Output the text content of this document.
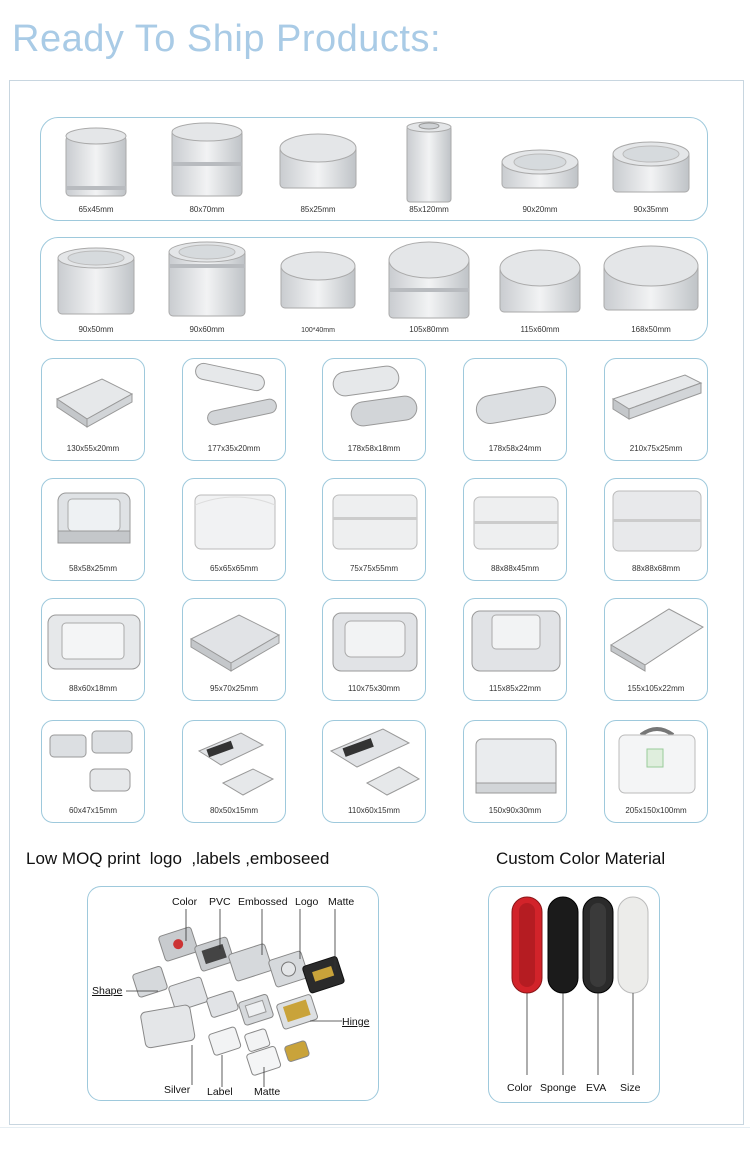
Ready To Ship Products:
65x45mm	80x70mm	85x25mm	85x120mm	90x20mm	90x35mm
90x50mm	90x60mm	100*40mm	105x80mm	115x60mm	168x50mm
130x55x20mm	177x35x20mm	178x58x18mm	178x58x24mm	210x75x25mm
58x58x25mm	65x65x65mm	75x75x55mm	88x88x45mm	88x88x68mm
88x60x18mm	95x70x25mm	110x75x30mm	115x85x22mm	155x105x22mm
60x47x15mm	80x50x15mm	110x60x15mm	150x90x30mm	205x150x100mm
Low MOQ print  logo  ,labels ,emboseed	Custom Color Material
Color PVC Embossed Logo Matte
Shape
Hinge
Silver Label Matte	Color Sponge EVA Size
